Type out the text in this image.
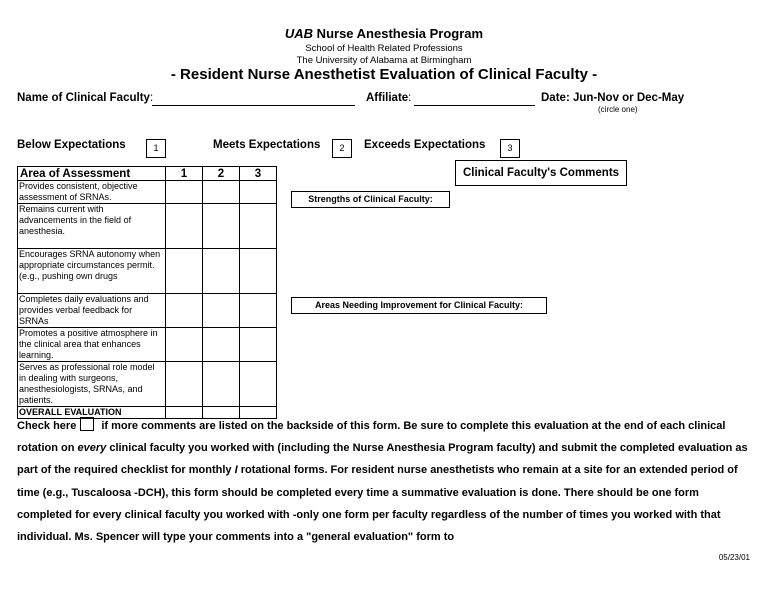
UAB Nurse Anesthesia Program
School of Health Related Professions
The University of Alabama at Birmingham
- Resident Nurse Anesthetist Evaluation of Clinical Faculty -
Name of Clinical Faculty:	Affiliate:	Date: Jun-Nov or Dec-May
(circle one)
Below Expectations	1	Meets Expectations	2	Exceeds Expectations	3
Area of Assessment	1	2	3
Provides consistent, objective assessment of SRNAs.			
Remains current with advancements in the field of anesthesia.			
Encourages SRNA autonomy when appropriate circumstances permit.
(e.g., pushing own drugs			
Completes daily evaluations and provides verbal feedback for SRNAs			
Promotes a positive atmosphere in the clinical area that enhances learning.			
Serves as professional role model in dealing with surgeons, anesthesiologists, SRNAs, and patients.			
OVERALL EVALUATION			
Clinical Faculty's Comments
Strengths of Clinical Faculty:
Areas Needing Improvement for Clinical Faculty:
Check here if more comments are listed on the backside of this form. Be sure to complete this evaluation at the end of each clinical rotation on every clinical faculty you worked with (including the Nurse Anesthesia Program faculty) and submit the completed evaluation as part of the required checklist for monthly I rotational forms. For resident nurse anesthetists who remain at a site for an extended period of time (e.g., Tuscaloosa -DCH), this form should be completed every time a summative evaluation is done. There should be one form completed for every clinical faculty you worked with -only one form per faculty regardless of the number of times you worked with that individual. Ms. Spencer will type your comments into a "general evaluation" form to
05/23/01
